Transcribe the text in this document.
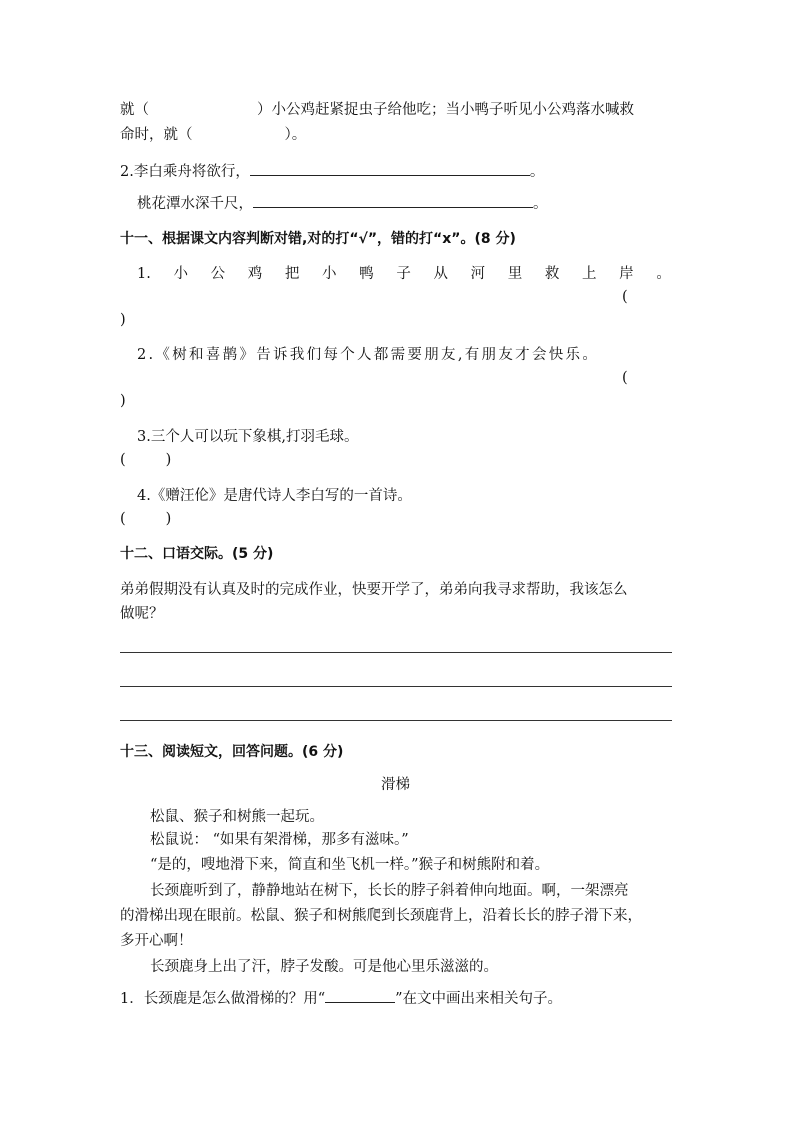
就（	）小公鸡赶紧捉虫子给他吃；当小鸭子听见小公鸡落水喊救
命时，就（	）。
2.李白乘舟将欲行，	。
桃花潭水深千尺，	。
十一、根据课文内容判断对错,对的打“√”，错的打“x”。(8 分)
1. 小 公 鸡 把 小 鸭 子 从 河 里 救 上 岸 。
(
)
2.《树和喜鹊》告诉我们每个人都需要朋友,有朋友才会快乐。
(
)
3.三个人可以玩下象棋,打羽毛球。
(	)
4.《赠汪伦》是唐代诗人李白写的一首诗。
(	)
十二、口语交际。(5 分)
弟弟假期没有认真及时的完成作业，快要开学了，弟弟向我寻求帮助，我该怎么
做呢？
十三、阅读短文，回答问题。(6 分)
滑梯
松鼠、猴子和树熊一起玩。
松鼠说： “如果有架滑梯，那多有滋味。”
“是的，嗖地滑下来，简直和坐飞机一样。”猴子和树熊附和着。
长颈鹿听到了，静静地站在树下，长长的脖子斜着伸向地面。啊，一架漂亮
的滑梯出现在眼前。松鼠、猴子和树熊爬到长颈鹿背上，沿着长长的脖子滑下来，
多开心啊！
长颈鹿身上出了汗，脖子发酸。可是他心里乐滋滋的。
1．长颈鹿是怎么做滑梯的？用“	”在文中画出来相关句子。
